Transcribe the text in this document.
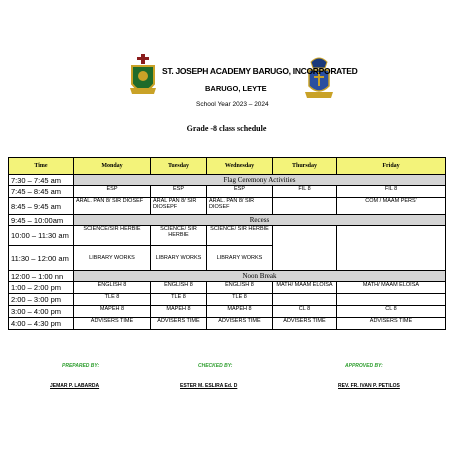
ST. JOSEPH ACADEMY BARUGO, INCORPORATED
BARUGO, LEYTE
School Year 2023 – 2024
Grade -8 class schedule
Time	Monday	Tuesday	Wednesday	Thursday	Friday
7:30 – 7:45 am	Flag Ceremony Activities				
7:45 – 8:45 am	ESP	ESP	ESP	FIL 8	FIL 8
8:45 – 9:45 am	ARAL. PAN 8/ SIR DIOSEF	ARAL PAN 8/ SIR DIOSEPF	ARAL. PAN 8/ SIR DIOSEF		COM / MAAM PERS'
9:45 – 10:00am	Recess				
10:00 – 11:30 am	SCIENCE/SIR HERBIE	SCIENCE/ SIR HERBIE	SCIENCE/ SIR HERBIE		
11:30 – 12:00 am	LIBRARY WORKS	LIBRARY WORKS	LIBRARY WORKS		
12:00 – 1:00 nn	Noon Break				
1:00 – 2:00 pm	ENGLISH 8	ENGLISH 8	ENGLISH 8	MATH/ MAAM ELOISA	MATH/ MAAM ELOISA
2:00 – 3:00 pm	TLE 8	TLE 8	TLE 8		
3:00 – 4:00 pm	MAPEH 8	MAPEH 8	MAPEH 8	CL 8	CL 8
4:00 – 4:30 pm	ADVISERS TIME	ADVISERS TIME	ADVISERS TIME	ADVISERS TIME	ADVISERS TIME
PREPARED BY:
JEMAR P. LABARDA
CHECKED BY:
ESTER M. ESLIRA Ed. D
APPROVED BY:
REV. FR. IVAN P. PETILOS
